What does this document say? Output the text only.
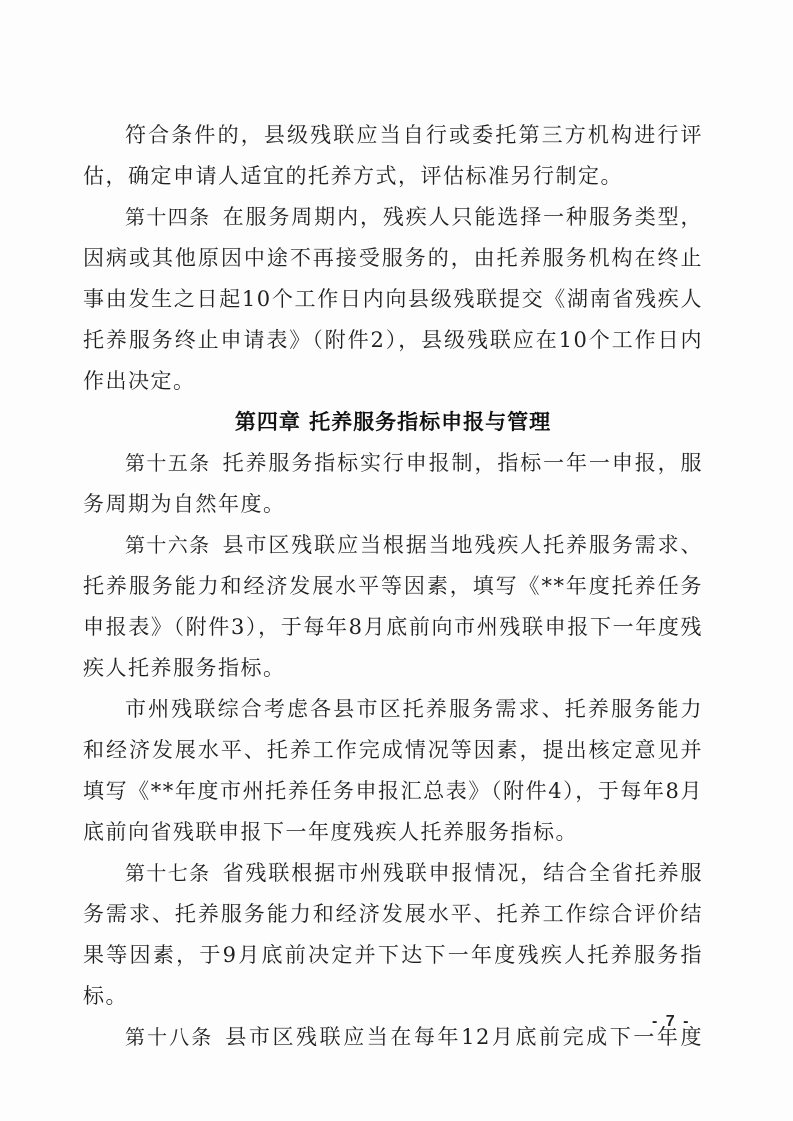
符合条件的，县级残联应当自行或委托第三方机构进行评估，确定申请人适宜的托养方式，评估标准另行制定。

第十四条 在服务周期内，残疾人只能选择一种服务类型，因病或其他原因中途不再接受服务的，由托养服务机构在终止事由发生之日起10个工作日内向县级残联提交《湖南省残疾人托养服务终止申请表》（附件2），县级残联应在10个工作日内作出决定。

第四章 托养服务指标申报与管理

第十五条 托养服务指标实行申报制，指标一年一申报，服务周期为自然年度。

第十六条 县市区残联应当根据当地残疾人托养服务需求、托养服务能力和经济发展水平等因素，填写《**年度托养任务申报表》（附件3），于每年8月底前向市州残联申报下一年度残疾人托养服务指标。

市州残联综合考虑各县市区托养服务需求、托养服务能力和经济发展水平、托养工作完成情况等因素，提出核定意见并填写《**年度市州托养任务申报汇总表》（附件4），于每年8月底前向省残联申报下一年度残疾人托养服务指标。

第十七条 省残联根据市州残联申报情况，结合全省托养服务需求、托养服务能力和经济发展水平、托养工作综合评价结果等因素，于9月底前决定并下达下一年度残疾人托养服务指标。

第十八条 县市区残联应当在每年12月底前完成下一年度

- 7 -
